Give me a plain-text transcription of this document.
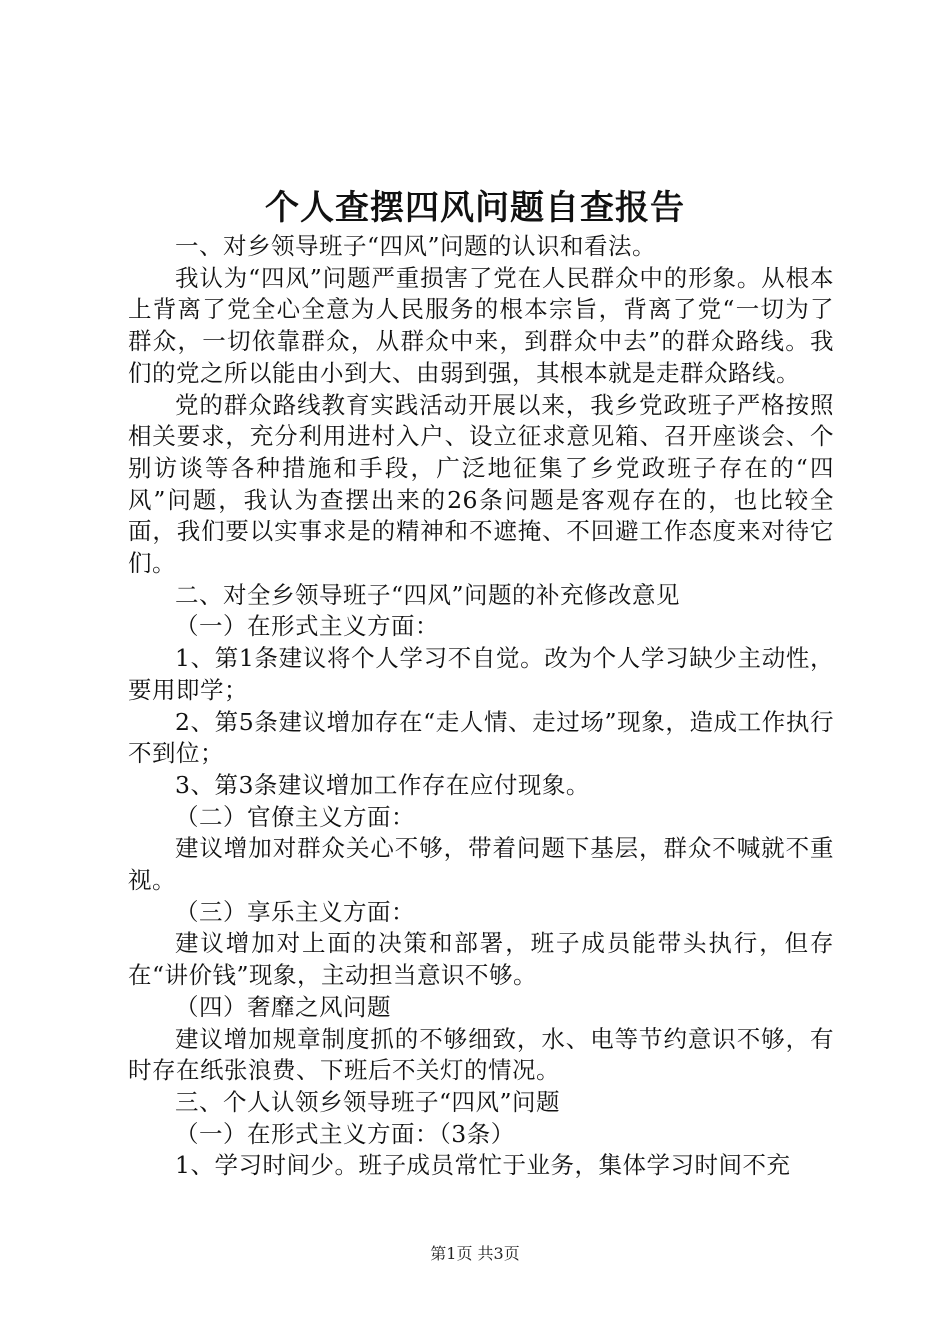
个人查摆四风问题自查报告

一、对乡领导班子“四风”问题的认识和看法。

我认为“四风”问题严重损害了党在人民群众中的形象。从根本上背离了党全心全意为人民服务的根本宗旨，背离了党“一切为了群众，一切依靠群众，从群众中来，到群众中去”的群众路线。我们的党之所以能由小到大、由弱到强，其根本就是走群众路线。

党的群众路线教育实践活动开展以来，我乡党政班子严格按照相关要求，充分利用进村入户、设立征求意见箱、召开座谈会、个别访谈等各种措施和手段，广泛地征集了乡党政班子存在的“四风”问题，我认为查摆出来的26条问题是客观存在的，也比较全面，我们要以实事求是的精神和不遮掩、不回避工作态度来对待它们。

二、对全乡领导班子“四风”问题的补充修改意见

（一）在形式主义方面：

1、第1条建议将个人学习不自觉。改为个人学习缺少主动性，要用即学；

2、第5条建议增加存在“走人情、走过场”现象，造成工作执行不到位；

3、第3条建议增加工作存在应付现象。

（二）官僚主义方面：

建议增加对群众关心不够，带着问题下基层，群众不喊就不重视。

（三）享乐主义方面：

建议增加对上面的决策和部署，班子成员能带头执行，但存在“讲价钱”现象，主动担当意识不够。

（四）奢靡之风问题

建议增加规章制度抓的不够细致，水、电等节约意识不够，有时存在纸张浪费、下班后不关灯的情况。

三、个人认领乡领导班子“四风”问题

（一）在形式主义方面：（3条）

1、学习时间少。班子成员常忙于业务，集体学习时间不充

第1页 共3页
